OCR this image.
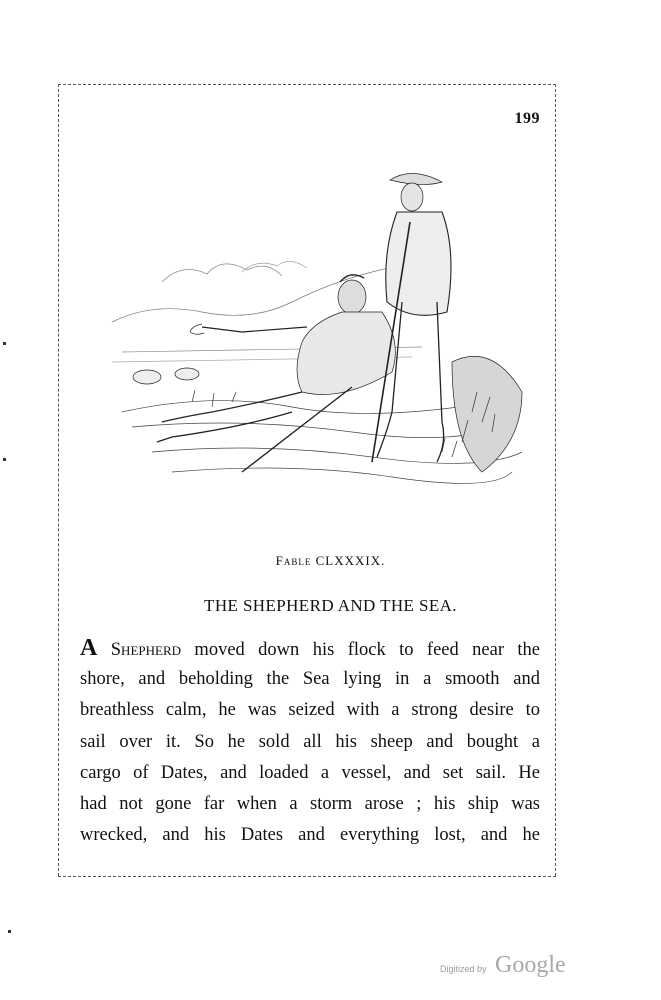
199
Fable CLXXXIX.
THE SHEPHERD AND THE SEA.
A Shepherd moved down his flock to feed near the
shore, and beholding the Sea lying in a smooth and
breathless calm, he was seized with a strong desire to
sail over it. So he sold all his sheep and bought a
cargo of Dates, and loaded a vessel, and set sail. He
had not gone far when a storm arose ; his ship was
wrecked, and his Dates and everything lost, and he
Digitized by Google
